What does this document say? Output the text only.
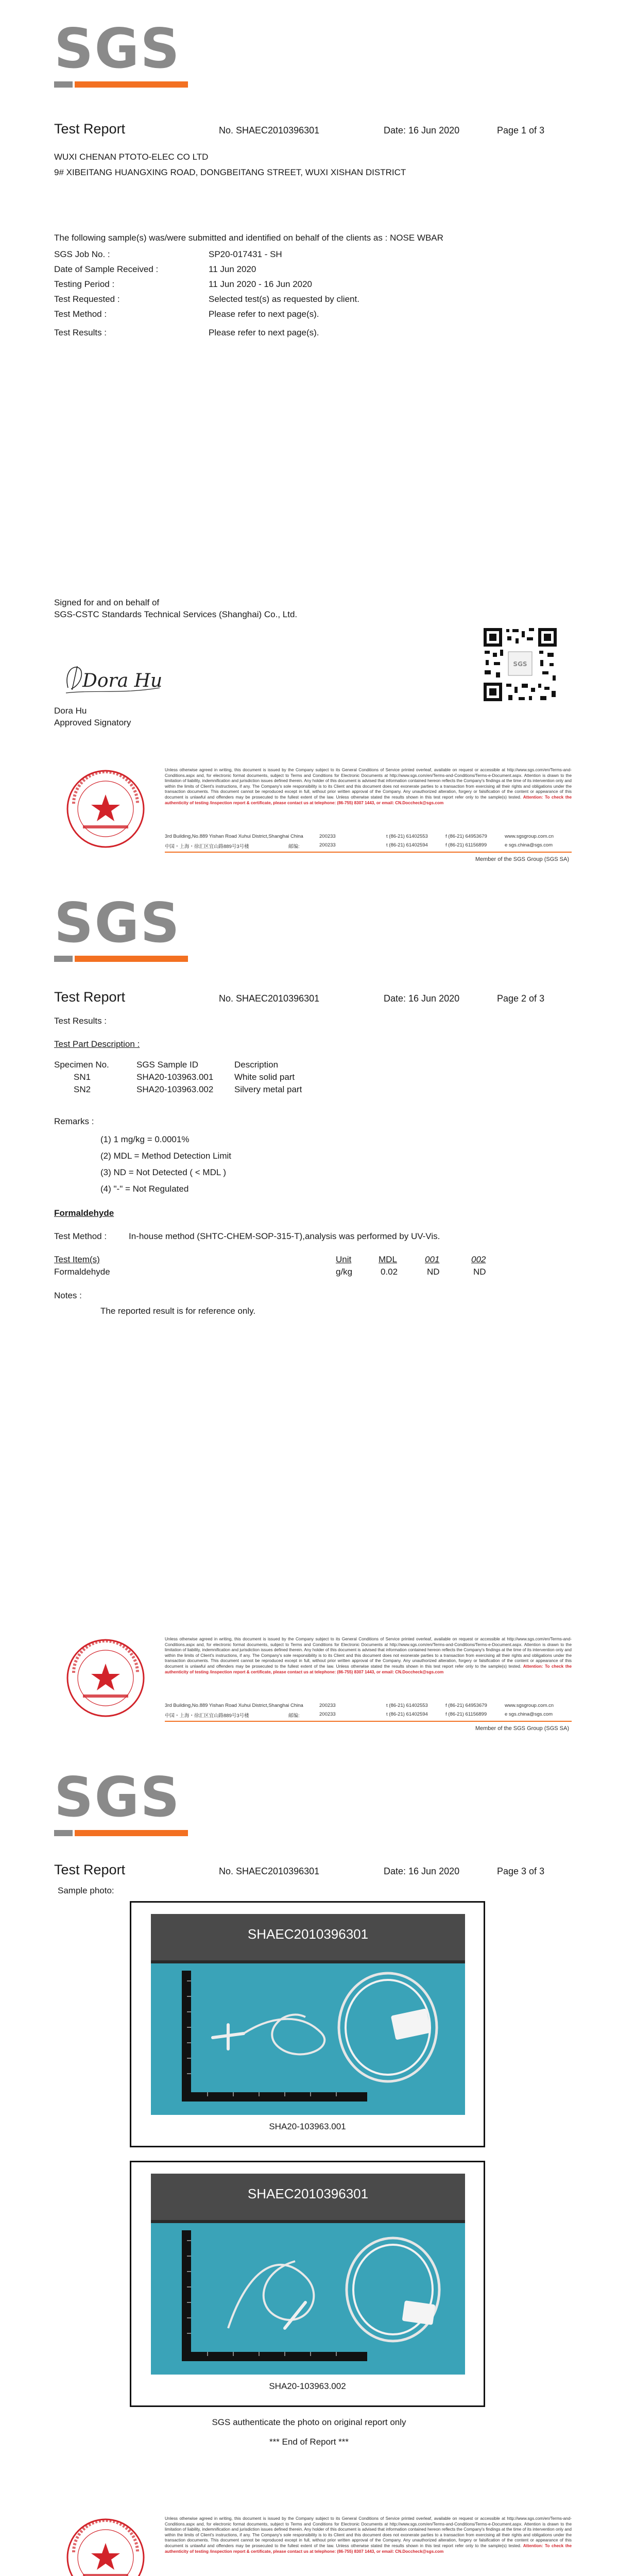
SGS
Test Report	No. SHAEC2010396301	Date: 16 Jun 2020	Page 1 of 3
WUXI CHENAN PTOTO-ELEC CO LTD
9# XIBEITANG HUANGXING ROAD, DONGBEITANG STREET, WUXI XISHAN DISTRICT
The following sample(s) was/were submitted and identified on behalf of the clients as : NOSE WBAR
SGS Job No. :	SP20-017431 - SH
Date of Sample Received :	11 Jun 2020
Testing Period :	11 Jun 2020 - 16 Jun 2020
Test Requested :	Selected test(s) as requested by client.
Test Method :	Please refer to next page(s).
Test Results :	Please refer to next page(s).
Signed for and on behalf of
SGS-CSTC Standards Technical Services (Shanghai) Co., Ltd.
SGS
Dora Hu
Dora Hu
Approved Signatory
Unless otherwise agreed in writing, this document is issued by the Company subject to its General Conditions of Service printed overleaf, available on request or accessible at http://www.sgs.com/en/Terms-and-Conditions.aspx and, for electronic format documents, subject to Terms and Conditions for Electronic Documents at http://www.sgs.com/en/Terms-and-Conditions/Terms-e-Document.aspx. Attention is drawn to the limitation of liability, indemnification and jurisdiction issues defined therein. Any holder of this document is advised that information contained hereon reflects the Company's findings at the time of its intervention only and within the limits of Client's instructions, if any. The Company's sole responsibility is to its Client and this document does not exonerate parties to a transaction from exercising all their rights and obligations under the transaction documents. This document cannot be reproduced except in full, without prior written approval of the Company. Any unauthorized alteration, forgery or falsification of the content or appearance of this document is unlawful and offenders may be prosecuted to the fullest extent of the law. Unless otherwise stated the results shown in this test report refer only to the sample(s) tested. Attention: To check the authenticity of testing /inspection report & certificate, please contact us at telephone: (86-755) 8307 1443, or email: CN.Doccheck@sgs.com
3rd Building,No.889 Yishan Road Xuhui District,Shanghai China	200233	t (86-21) 61402553	f (86-21) 64953679	www.sgsgroup.com.cn
中国・上海・徐汇区宜山路889号3号楼	邮编:	200233	t (86-21) 61402594	f (86-21) 61156899	e sgs.china@sgs.com
Member of the SGS Group (SGS SA)
SGS
Test Report	No. SHAEC2010396301	Date: 16 Jun 2020	Page 2 of 3
Test Results :
Test Part Description :
Specimen No.	SGS Sample ID	Description
SN1	SHA20-103963.001	White solid part
SN2	SHA20-103963.002	Silvery metal part
Remarks :
(1) 1 mg/kg = 0.0001%
(2) MDL = Method Detection Limit
(3) ND = Not Detected ( < MDL )
(4) "-" = Not Regulated
Formaldehyde
Test Method :	In-house method (SHTC-CHEM-SOP-315-T),analysis was performed by UV-Vis.
Test Item(s)	Unit	MDL	001	002
Formaldehyde	g/kg	0.02	ND	ND
Notes :
The reported result is for reference only.
Unless otherwise agreed in writing, this document is issued by the Company subject to its General Conditions of Service printed overleaf, available on request or accessible at http://www.sgs.com/en/Terms-and-Conditions.aspx and, for electronic format documents, subject to Terms and Conditions for Electronic Documents at http://www.sgs.com/en/Terms-and-Conditions/Terms-e-Document.aspx. Attention is drawn to the limitation of liability, indemnification and jurisdiction issues defined therein. Any holder of this document is advised that information contained hereon reflects the Company's findings at the time of its intervention only and within the limits of Client's instructions, if any. The Company's sole responsibility is to its Client and this document does not exonerate parties to a transaction from exercising all their rights and obligations under the transaction documents. This document cannot be reproduced except in full, without prior written approval of the Company. Any unauthorized alteration, forgery or falsification of the content or appearance of this document is unlawful and offenders may be prosecuted to the fullest extent of the law. Unless otherwise stated the results shown in this test report refer only to the sample(s) tested. Attention: To check the authenticity of testing /inspection report & certificate, please contact us at telephone: (86-755) 8307 1443, or email: CN.Doccheck@sgs.com
3rd Building,No.889 Yishan Road Xuhui District,Shanghai China	200233	t (86-21) 61402553	f (86-21) 64953679	www.sgsgroup.com.cn
中国・上海・徐汇区宜山路889号3号楼	邮编:	200233	t (86-21) 61402594	f (86-21) 61156899	e sgs.china@sgs.com
Member of the SGS Group (SGS SA)
SGS
Test Report	No. SHAEC2010396301	Date: 16 Jun 2020	Page 3 of 3
Sample photo:
SHAEC2010396301
SHA20-103963.001
SHAEC2010396301
SHA20-103963.002
SGS authenticate the photo on original report only
*** End of Report ***
Unless otherwise agreed in writing, this document is issued by the Company subject to its General Conditions of Service printed overleaf, available on request or accessible at http://www.sgs.com/en/Terms-and-Conditions.aspx and, for electronic format documents, subject to Terms and Conditions for Electronic Documents at http://www.sgs.com/en/Terms-and-Conditions/Terms-e-Document.aspx. Attention is drawn to the limitation of liability, indemnification and jurisdiction issues defined therein. Any holder of this document is advised that information contained hereon reflects the Company's findings at the time of its intervention only and within the limits of Client's instructions, if any. The Company's sole responsibility is to its Client and this document does not exonerate parties to a transaction from exercising all their rights and obligations under the transaction documents. This document cannot be reproduced except in full, without prior written approval of the Company. Any unauthorized alteration, forgery or falsification of the content or appearance of this document is unlawful and offenders may be prosecuted to the fullest extent of the law. Unless otherwise stated the results shown in this test report refer only to the sample(s) tested. Attention: To check the authenticity of testing /inspection report & certificate, please contact us at telephone: (86-755) 8307 1443, or email: CN.Doccheck@sgs.com
